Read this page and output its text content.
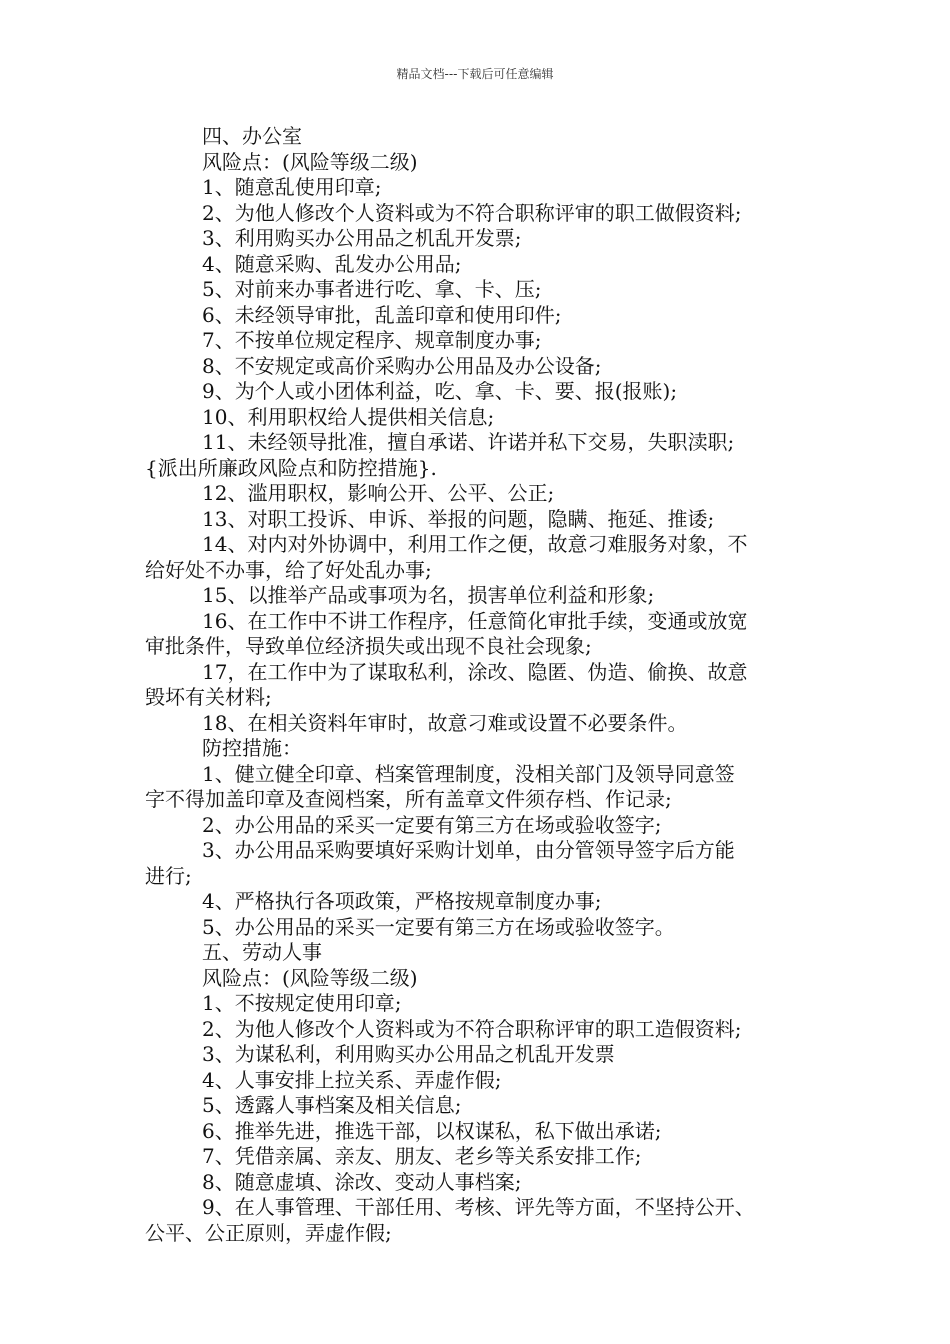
精品文档---下载后可任意编辑
四、办公室
风险点：(风险等级二级)
1、随意乱使用印章;
2、为他人修改个人资料或为不符合职称评审的职工做假资料;
3、利用购买办公用品之机乱开发票;
4、随意采购、乱发办公用品;
5、对前来办事者进行吃、拿、卡、压;
6、未经领导审批，乱盖印章和使用印件;
7、不按单位规定程序、规章制度办事;
8、不安规定或高价采购办公用品及办公设备;
9、为个人或小团体利益，吃、拿、卡、要、报(报账);
10、利用职权给人提供相关信息;
11、未经领导批准，擅自承诺、许诺并私下交易，失职渎职;
{派出所廉政风险点和防控措施}.
12、滥用职权，影响公开、公平、公正;
13、对职工投诉、申诉、举报的问题，隐瞒、拖延、推诿;
14、对内对外协调中，利用工作之便，故意刁难服务对象，不
给好处不办事，给了好处乱办事;
15、以推举产品或事项为名，损害单位利益和形象;
16、在工作中不讲工作程序，任意简化审批手续，变通或放宽
审批条件，导致单位经济损失或出现不良社会现象;
17，在工作中为了谋取私利，涂改、隐匿、伪造、偷换、故意
毁坏有关材料;
18、在相关资料年审时，故意刁难或设置不必要条件。
防控措施：
1、健立健全印章、档案管理制度，没相关部门及领导同意签
字不得加盖印章及查阅档案，所有盖章文件须存档、作记录;
2、办公用品的采买一定要有第三方在场或验收签字;
3、办公用品采购要填好采购计划单，由分管领导签字后方能
进行;
4、严格执行各项政策，严格按规章制度办事;
5、办公用品的采买一定要有第三方在场或验收签字。
五、劳动人事
风险点：(风险等级二级)
1、不按规定使用印章;
2、为他人修改个人资料或为不符合职称评审的职工造假资料;
3、为谋私利，利用购买办公用品之机乱开发票
4、人事安排上拉关系、弄虚作假;
5、透露人事档案及相关信息;
6、推举先进，推选干部，以权谋私，私下做出承诺;
7、凭借亲属、亲友、朋友、老乡等关系安排工作;
8、随意虚填、涂改、变动人事档案;
9、在人事管理、干部任用、考核、评先等方面，不坚持公开、
公平、公正原则，弄虚作假;
